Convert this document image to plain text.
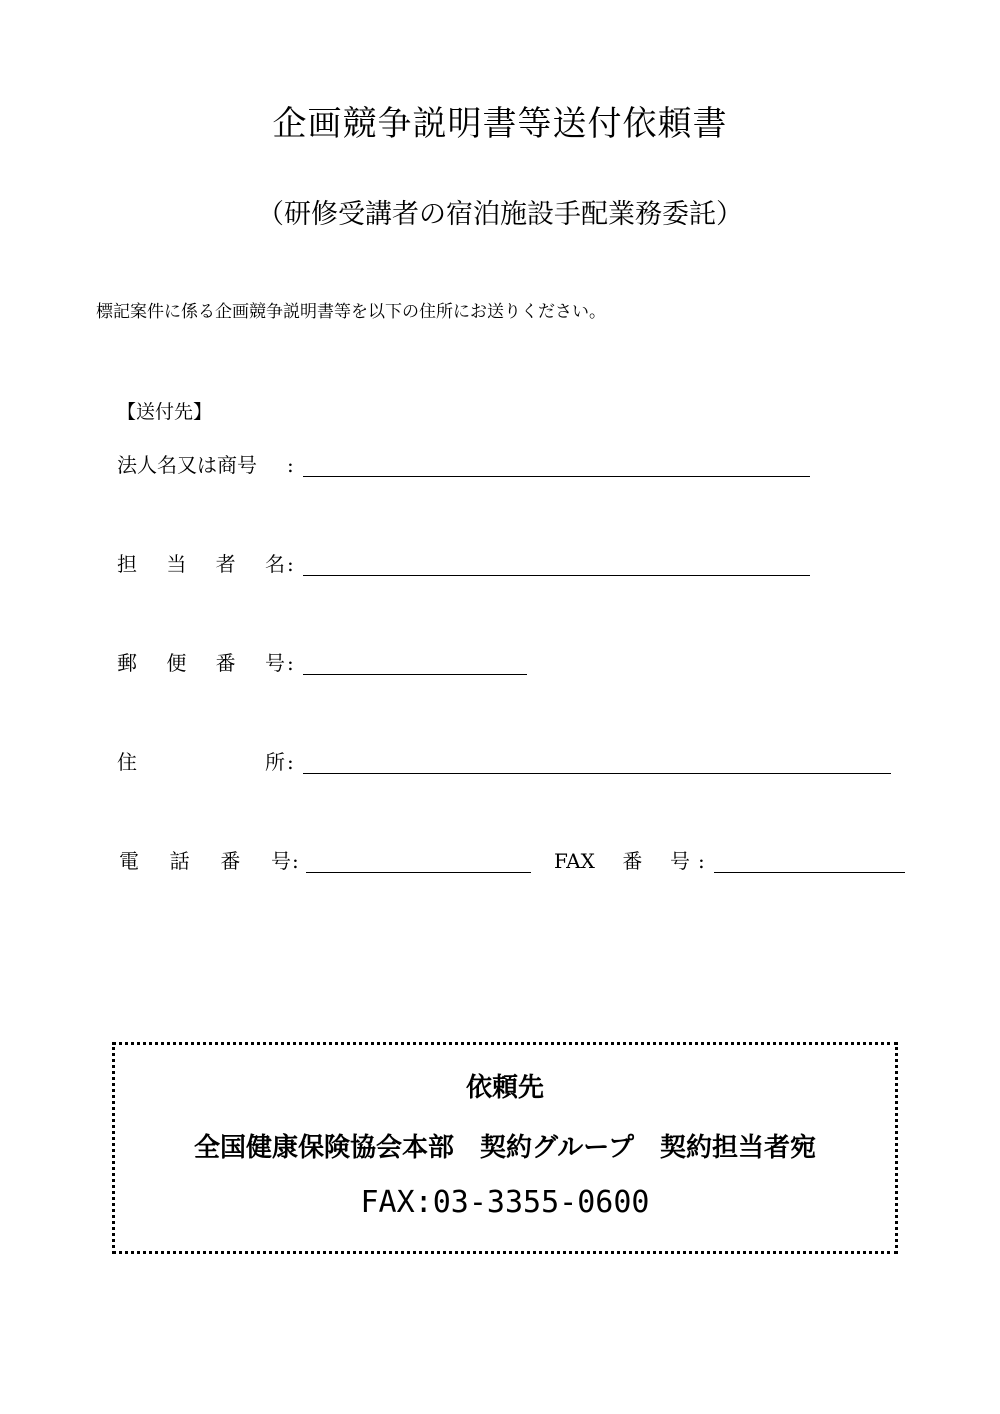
企画競争説明書等送付依頼書
（研修受講者の宿泊施設手配業務委託）
標記案件に係る企画競争説明書等を以下の住所にお送りください。
【送付先】
法人名又は商号	:
担当者名 :
郵便番号 :
住所 :
電話番号 :	FAX番号 :
依頼先
全国健康保険協会本部　契約グループ　契約担当者宛
FAX:03-3355-0600
